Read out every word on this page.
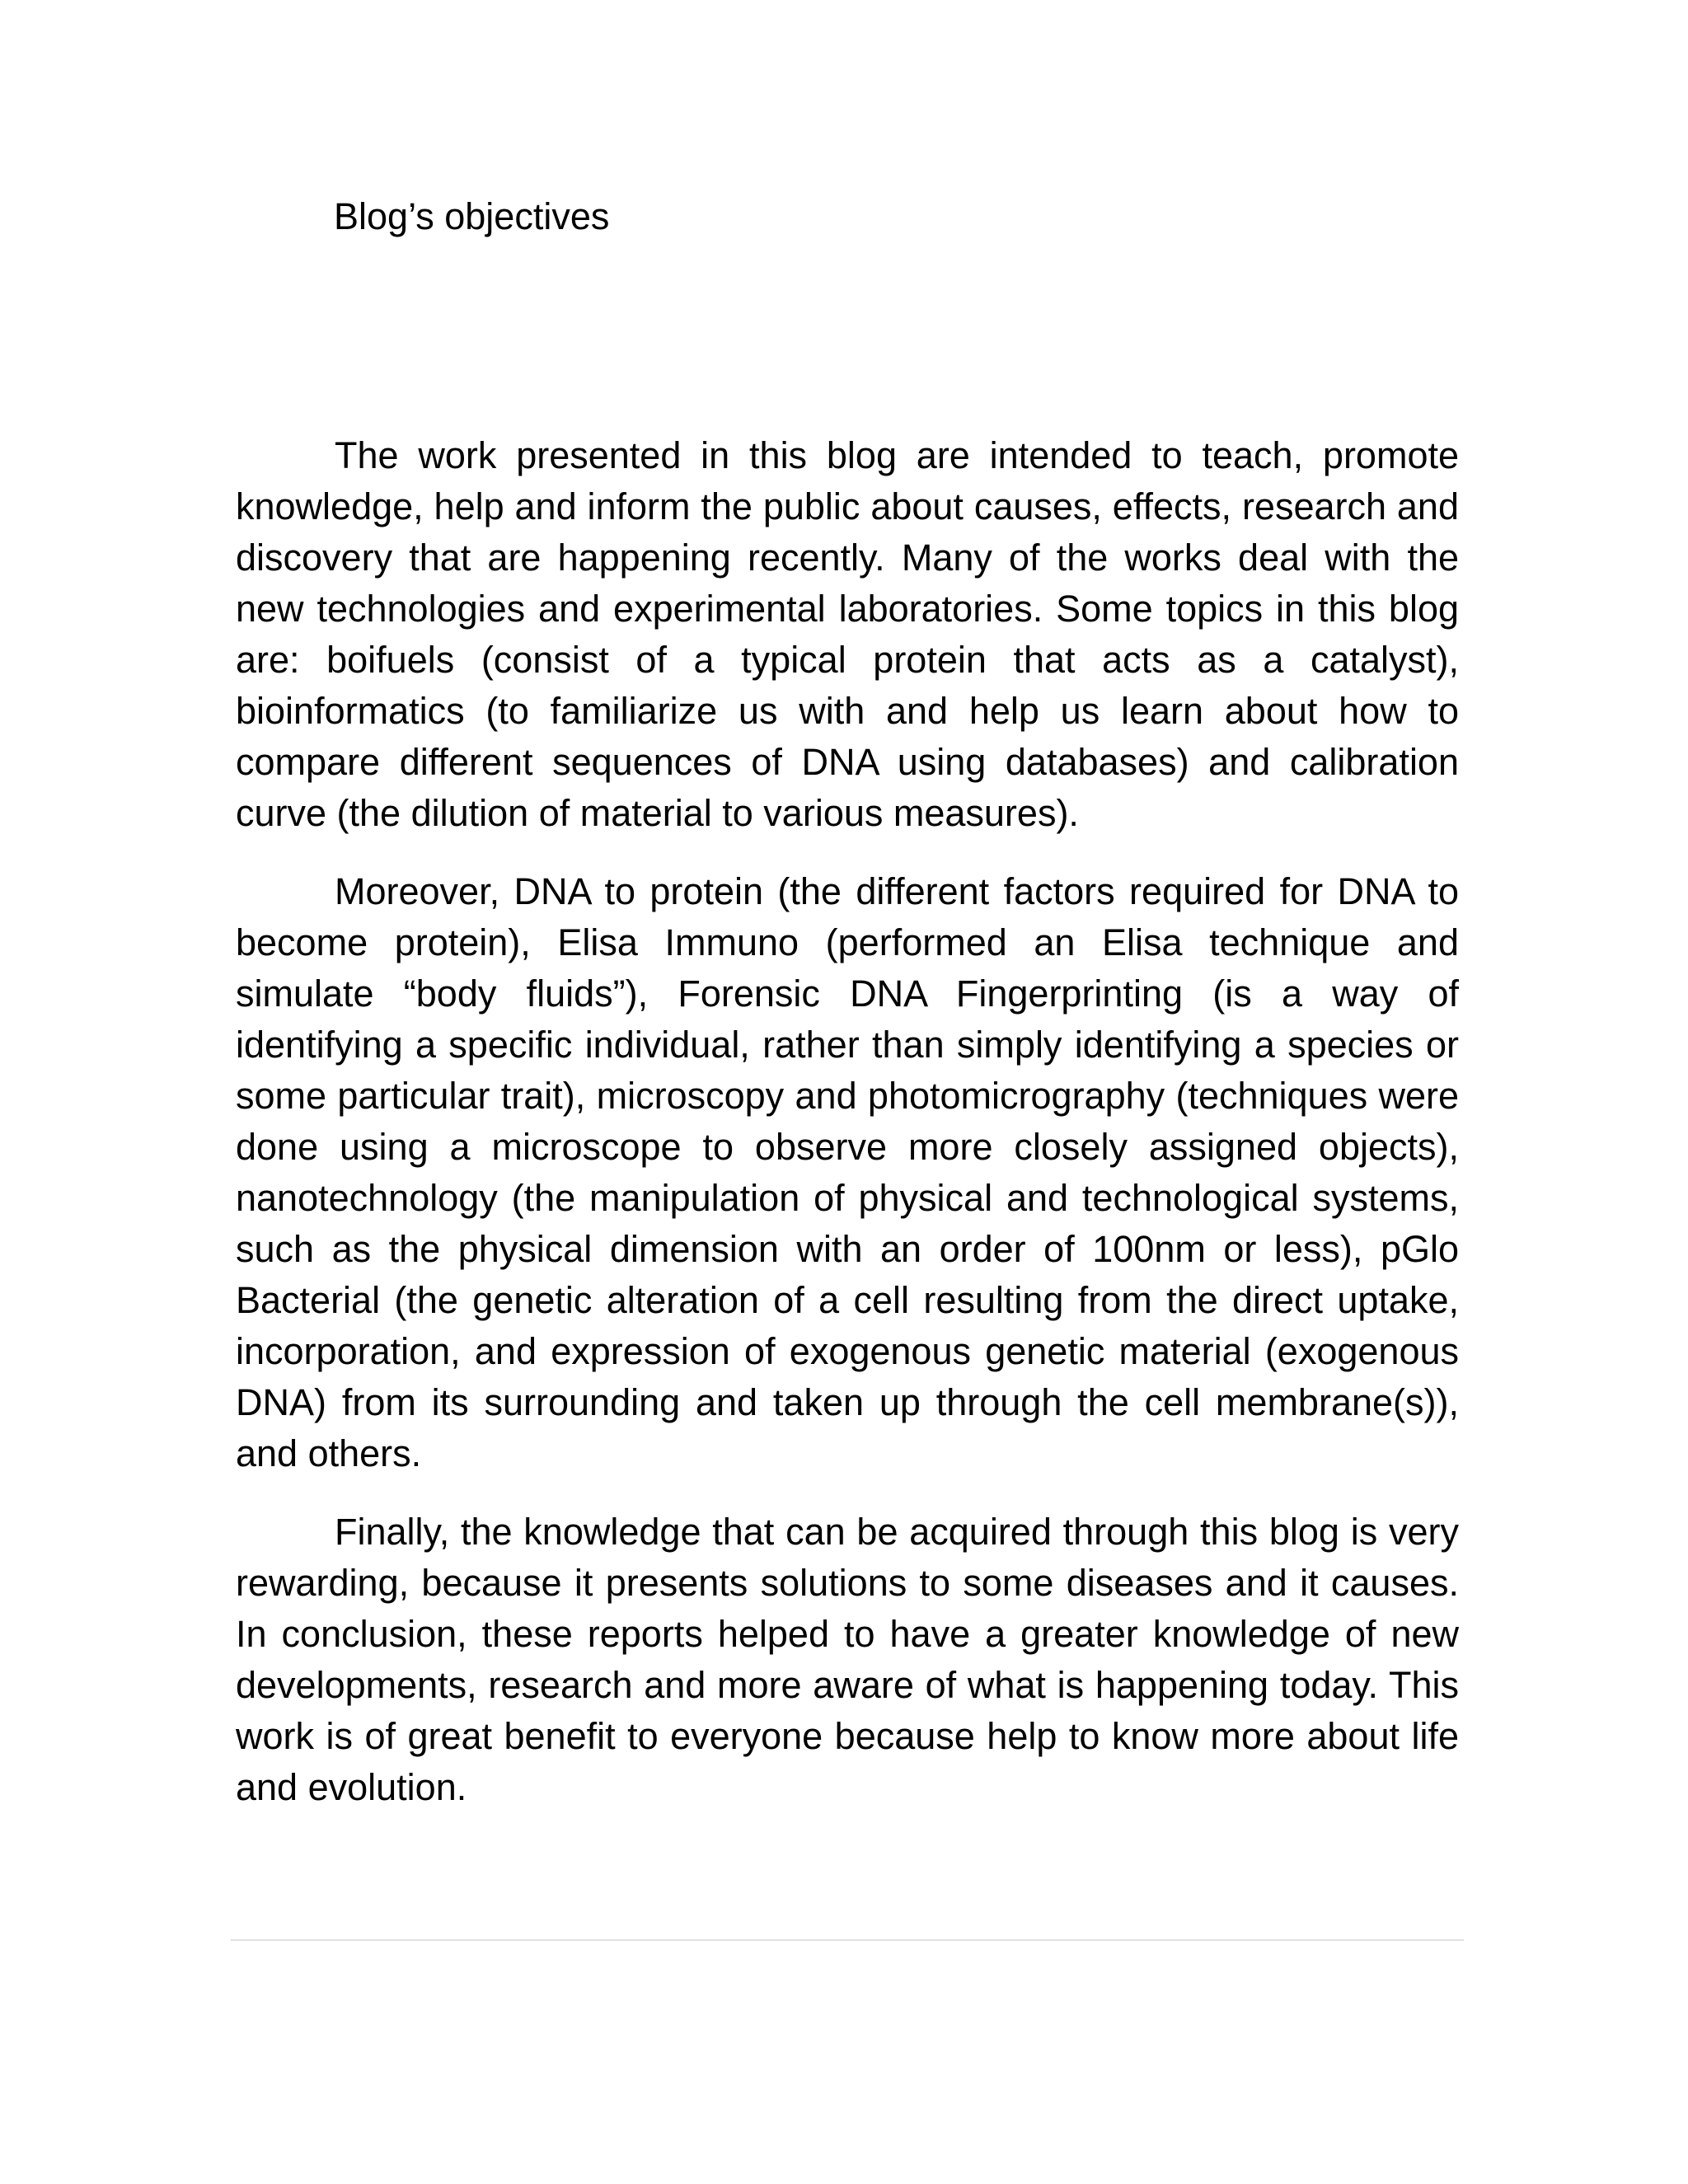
Blog’s objectives

The work presented in this blog are intended to teach, promote knowledge, help and inform the public about causes, effects, research and discovery that are happening recently. Many of the works deal with the new technologies and experimental laboratories. Some topics in this blog are: boifuels (consist of a typical protein that acts as a catalyst), bioinformatics (to familiarize us with and help us learn about how to compare different sequences of DNA using databases) and calibration curve (the dilution of material to various measures).

Moreover, DNA to protein (the different factors required for DNA to become protein), Elisa Immuno (performed an Elisa technique and simulate “body fluids”), Forensic DNA Fingerprinting (is a way of identifying a specific individual, rather than simply identifying a species or some particular trait), microscopy and photomicrography (techniques were done using a microscope to observe more closely assigned objects), nanotechnology (the manipulation of physical and technological systems, such as the physical dimension with an order of 100nm or less), pGlo Bacterial (the genetic alteration of a cell resulting from the direct uptake, incorporation, and expression of exogenous genetic material (exogenous DNA) from its surrounding and taken up through the cell membrane(s)), and others.

Finally, the knowledge that can be acquired through this blog is very rewarding, because it presents solutions to some diseases and it causes. In conclusion, these reports helped to have a greater knowledge of new developments, research and more aware of what is happening today. This work is of great benefit to everyone because help to know more about life and evolution.
